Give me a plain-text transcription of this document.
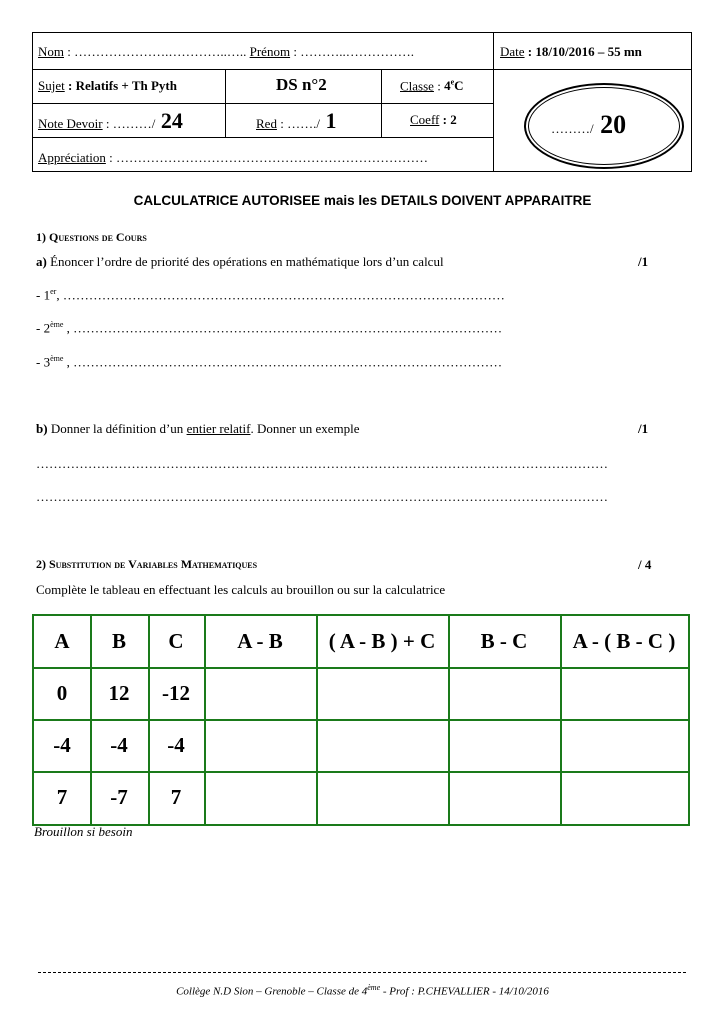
Nom : ………………….…………..….. Prénom : ………..…………….	Date : 18/10/2016 – 55 mn
Sujet : Relatifs + Th Pyth	DS n°2	Classe : 4eC
Note Devoir : ………/ 24	Red : ……./ 1	Coeff : 2
………/ 20
Appréciation : ………………………………………………………………
CALCULATRICE AUTORISEE mais les DETAILS DOIVENT APPARAITRE
1) Questions de Cours
a) Énoncer l’ordre de priorité des opérations en mathématique lors d’un calcul	/1
- 1er, …………………………………………………………………………………………
- 2ème , ………………………………………………………………………………………
- 3ème , ………………………………………………………………………………………
b) Donner la définition d’un entier relatif. Donner un exemple	/1
……………………………………………………………………………………………………………………
……………………………………………………………………………………………………………………
2) Substitution de Variables Mathematiques	/ 4
Complète le tableau en effectuant les calculs au brouillon ou sur la calculatrice
A	B	C	A - B	( A - B ) + C	B - C	A - ( B - C )
0	12	-12
-4	-4	-4
7	-7	7
Brouillon si besoin
Collège N.D Sion – Grenoble – Classe de 4ème - Prof : P.CHEVALLIER - 14/10/2016
